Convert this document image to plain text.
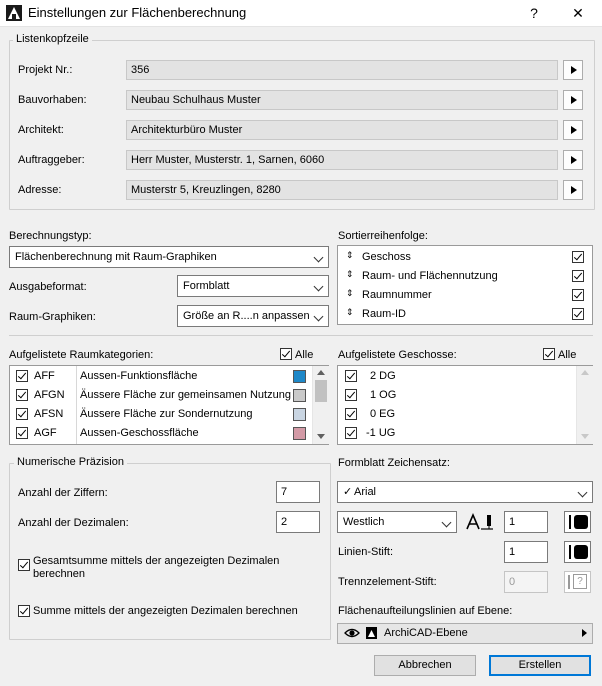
Einstellungen zur Flächenberechnung	?	✕
Listenkopfzeile
Projekt Nr.:	356
Bauvorhaben:	Neubau Schulhaus Muster
Architekt:	Architekturbüro Muster
Auftraggeber:	Herr Muster, Musterstr. 1, Sarnen, 6060
Adresse:	Musterstr 5, Kreuzlingen, 8280
Berechnungstyp:
Flächenberechnung mit Raum-Graphiken
Ausgabeformat:	Formblatt
Raum-Graphiken:	Größe an R....n anpassen
Sortierreihenfolge:
⇕ Geschoss
⇕ Raum- und Flächennutzung
⇕ Raumnummer
⇕ Raum-ID
Aufgelistete Raumkategorien:	Alle
AFF Aussen-Funktionsfläche
AFGN Äussere Fläche zur gemeinsamen Nutzung
AFSN Äussere Fläche zur Sondernutzung
AGF Aussen-Geschossfläche
Aufgelistete Geschosse:	Alle
2 DG
1 OG
0 EG
-1 UG
Numerische Präzision
Anzahl der Ziffern:	7
Anzahl der Dezimalen:	2
Gesamtsumme mittels der angezeigten Dezimalen berechnen
Summe mittels der angezeigten Dezimalen berechnen
Formblatt Zeichensatz:
✓ Arial
Westlich	1
Linien-Stift:	1
Trennzelement-Stift:	0	?
Flächenaufteilungslinien auf Ebene:
ArchiCAD-Ebene
Abbrechen	Erstellen
